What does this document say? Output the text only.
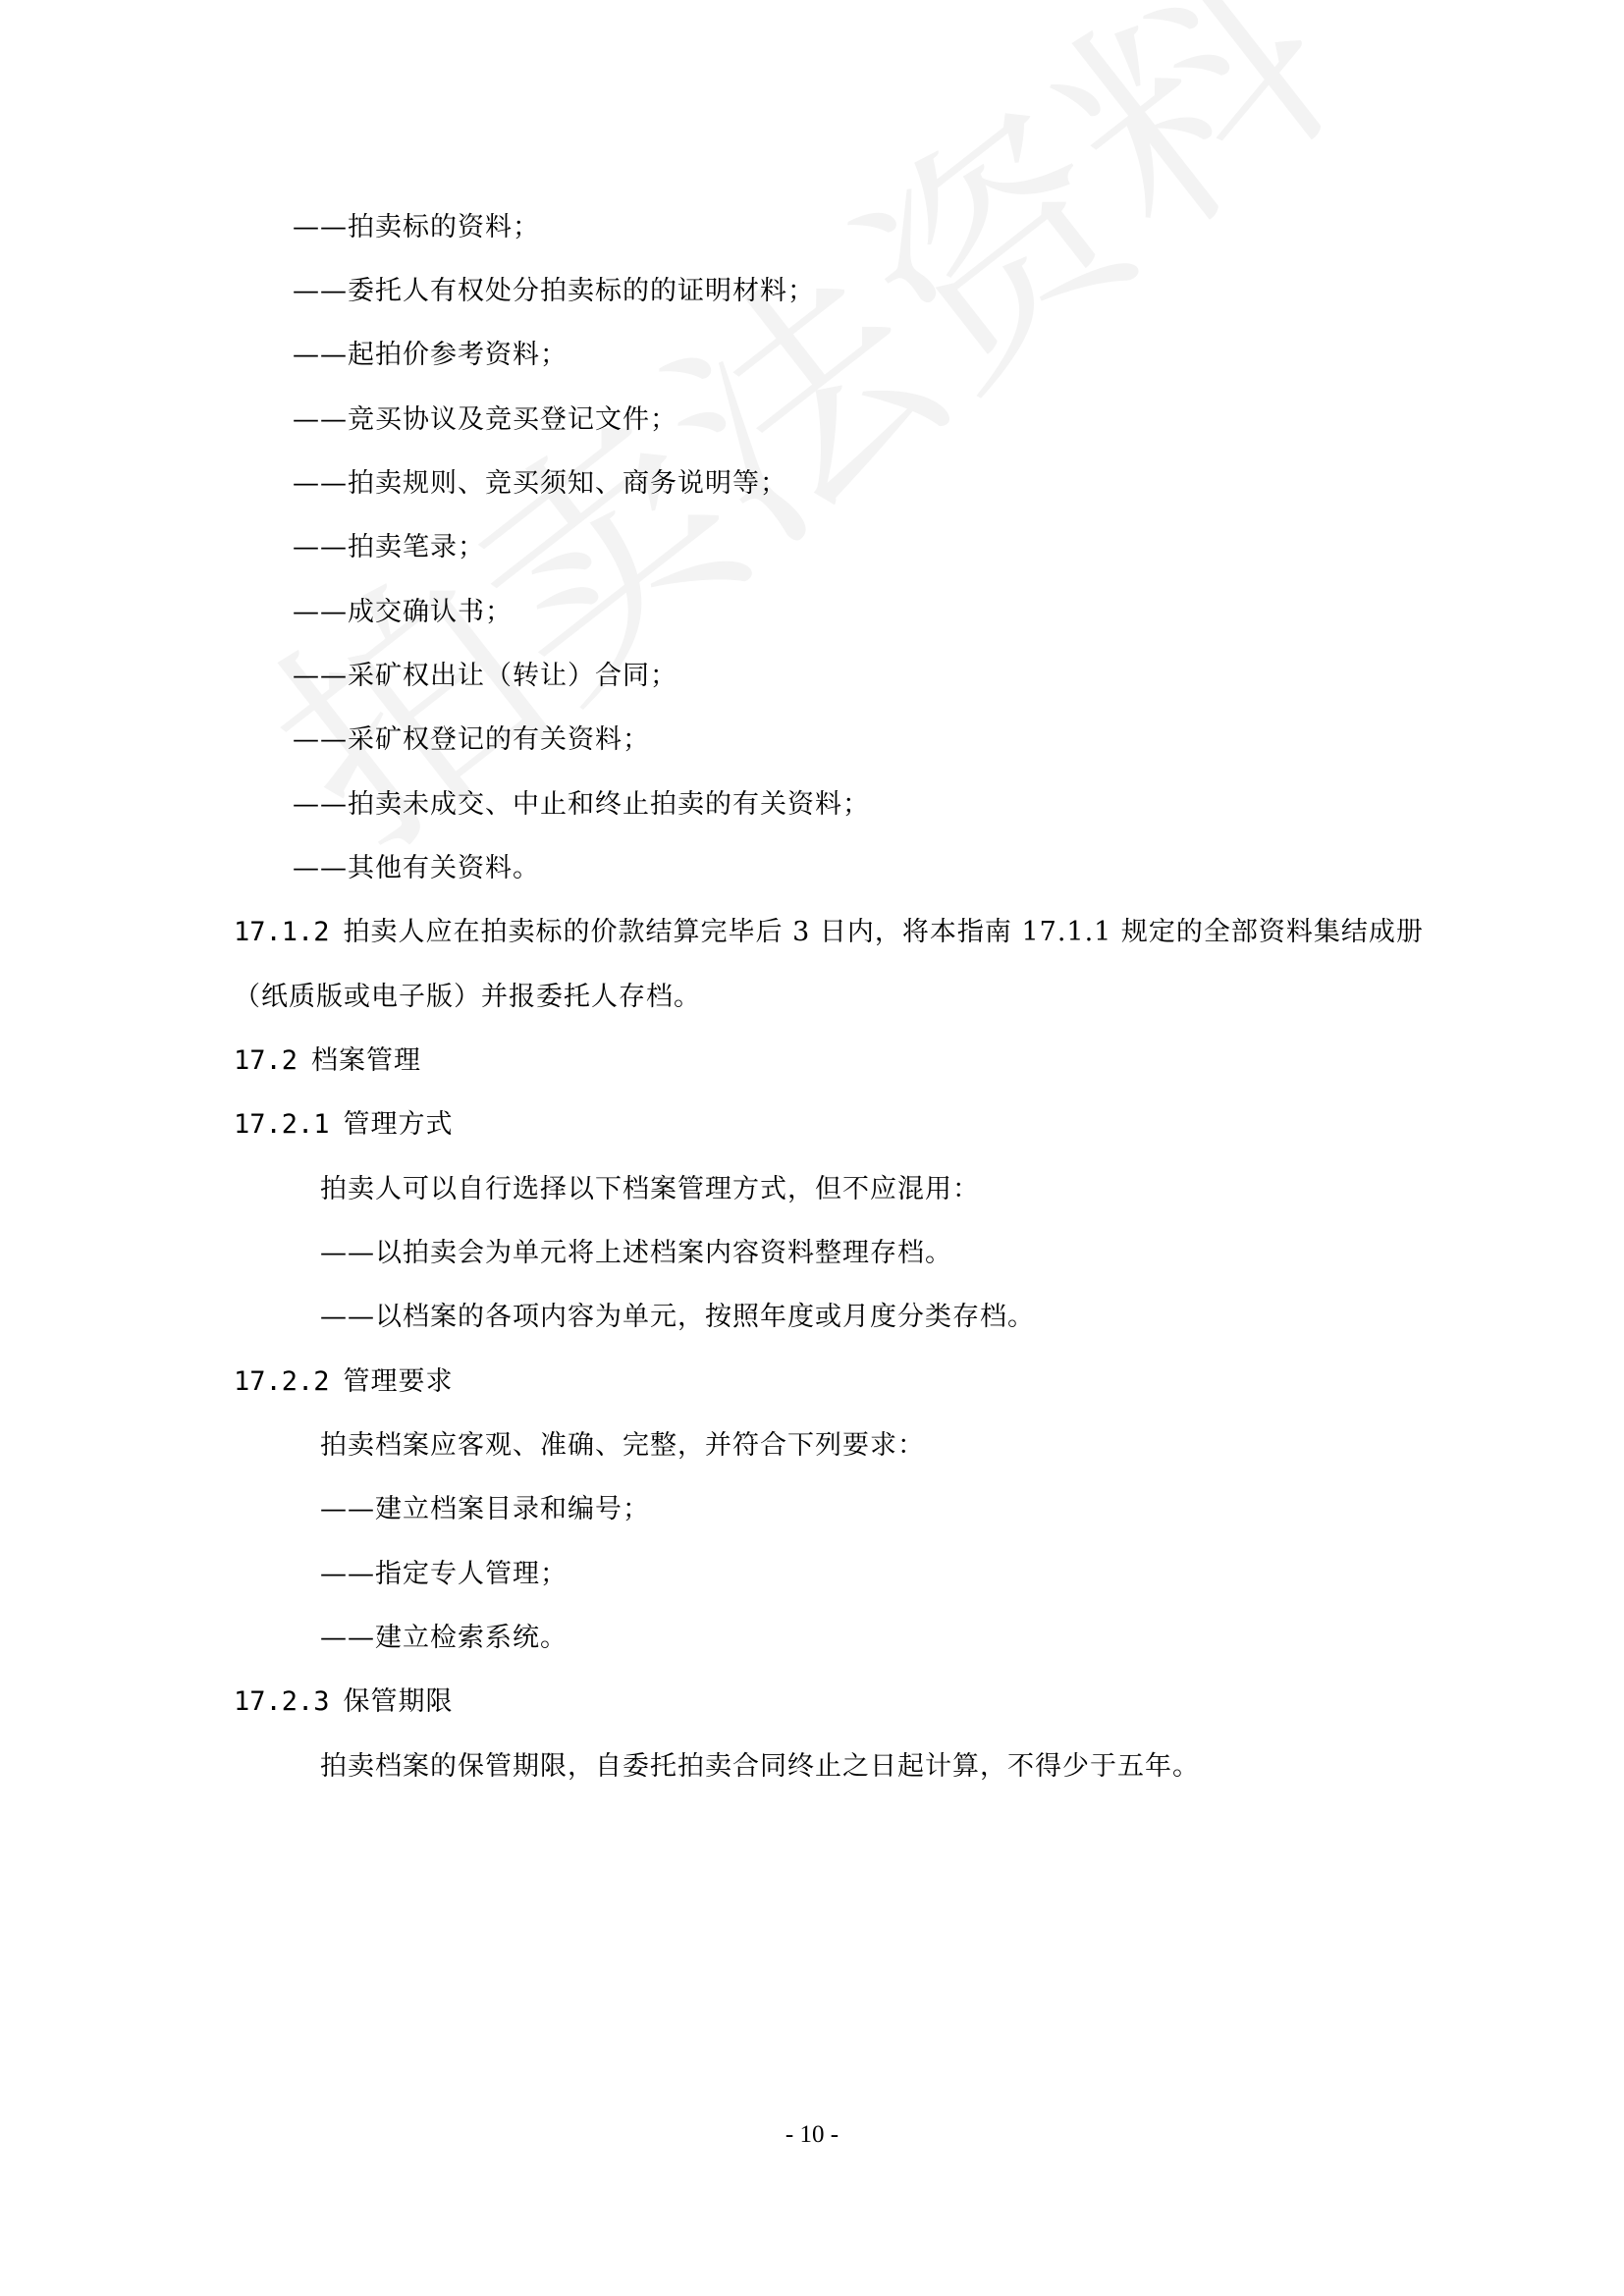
——拍卖标的资料；

——委托人有权处分拍卖标的的证明材料；

——起拍价参考资料；

——竞买协议及竞买登记文件；

——拍卖规则、竞买须知、商务说明等；

——拍卖笔录；

——成交确认书；

——采矿权出让（转让）合同；

——采矿权登记的有关资料；

——拍卖未成交、中止和终止拍卖的有关资料；

——其他有关资料。

17.1.2 拍卖人应在拍卖标的价款结算完毕后 3 日内，将本指南 17.1.1 规定的全部资料集结成册

（纸质版或电子版）并报委托人存档。

17.2 档案管理

17.2.1 管理方式

拍卖人可以自行选择以下档案管理方式，但不应混用：

——以拍卖会为单元将上述档案内容资料整理存档。

——以档案的各项内容为单元，按照年度或月度分类存档。

17.2.2 管理要求

拍卖档案应客观、准确、完整，并符合下列要求：

——建立档案目录和编号；

——指定专人管理；

——建立检索系统。

17.2.3 保管期限

拍卖档案的保管期限，自委托拍卖合同终止之日起计算，不得少于五年。

- 10 -
